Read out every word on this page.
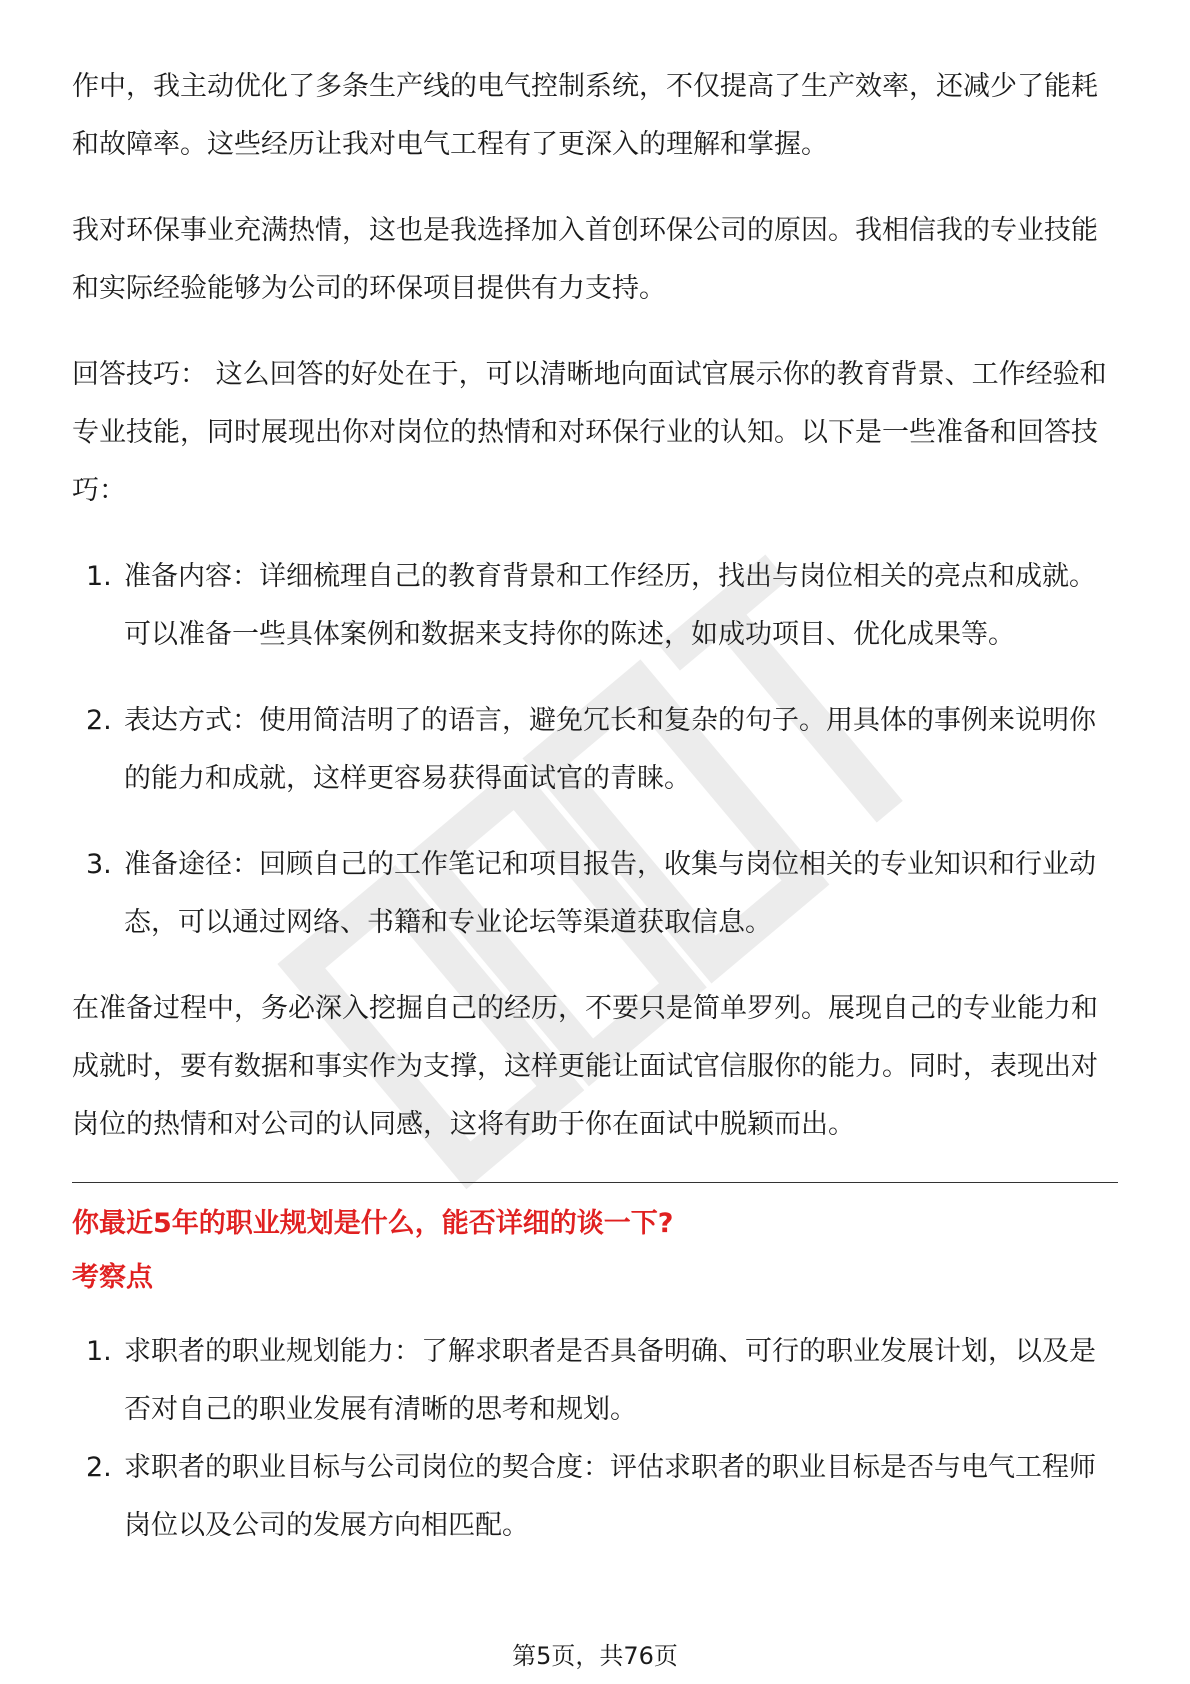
作中，我主动优化了多条生产线的电气控制系统，不仅提高了生产效率，还减少了能耗和故障率。这些经历让我对电气工程有了更深入的理解和掌握。

我对环保事业充满热情，这也是我选择加入首创环保公司的原因。我相信我的专业技能和实际经验能够为公司的环保项目提供有力支持。

回答技巧： 这么回答的好处在于，可以清晰地向面试官展示你的教育背景、工作经验和专业技能，同时展现出你对岗位的热情和对环保行业的认知。以下是一些准备和回答技巧：

1. 准备内容：详细梳理自己的教育背景和工作经历，找出与岗位相关的亮点和成就。可以准备一些具体案例和数据来支持你的陈述，如成功项目、优化成果等。
2. 表达方式：使用简洁明了的语言，避免冗长和复杂的句子。用具体的事例来说明你的能力和成就，这样更容易获得面试官的青睐。
3. 准备途径：回顾自己的工作笔记和项目报告，收集与岗位相关的专业知识和行业动态，可以通过网络、书籍和专业论坛等渠道获取信息。

在准备过程中，务必深入挖掘自己的经历，不要只是简单罗列。展现自己的专业能力和成就时，要有数据和事实作为支撑，这样更能让面试官信服你的能力。同时，表现出对岗位的热情和对公司的认同感，这将有助于你在面试中脱颖而出。

你最近5年的职业规划是什么，能否详细的谈一下?

考察点

1. 求职者的职业规划能力：了解求职者是否具备明确、可行的职业发展计划，以及是否对自己的职业发展有清晰的思考和规划。
2. 求职者的职业目标与公司岗位的契合度：评估求职者的职业目标是否与电气工程师岗位以及公司的发展方向相匹配。
第5页，共76页
